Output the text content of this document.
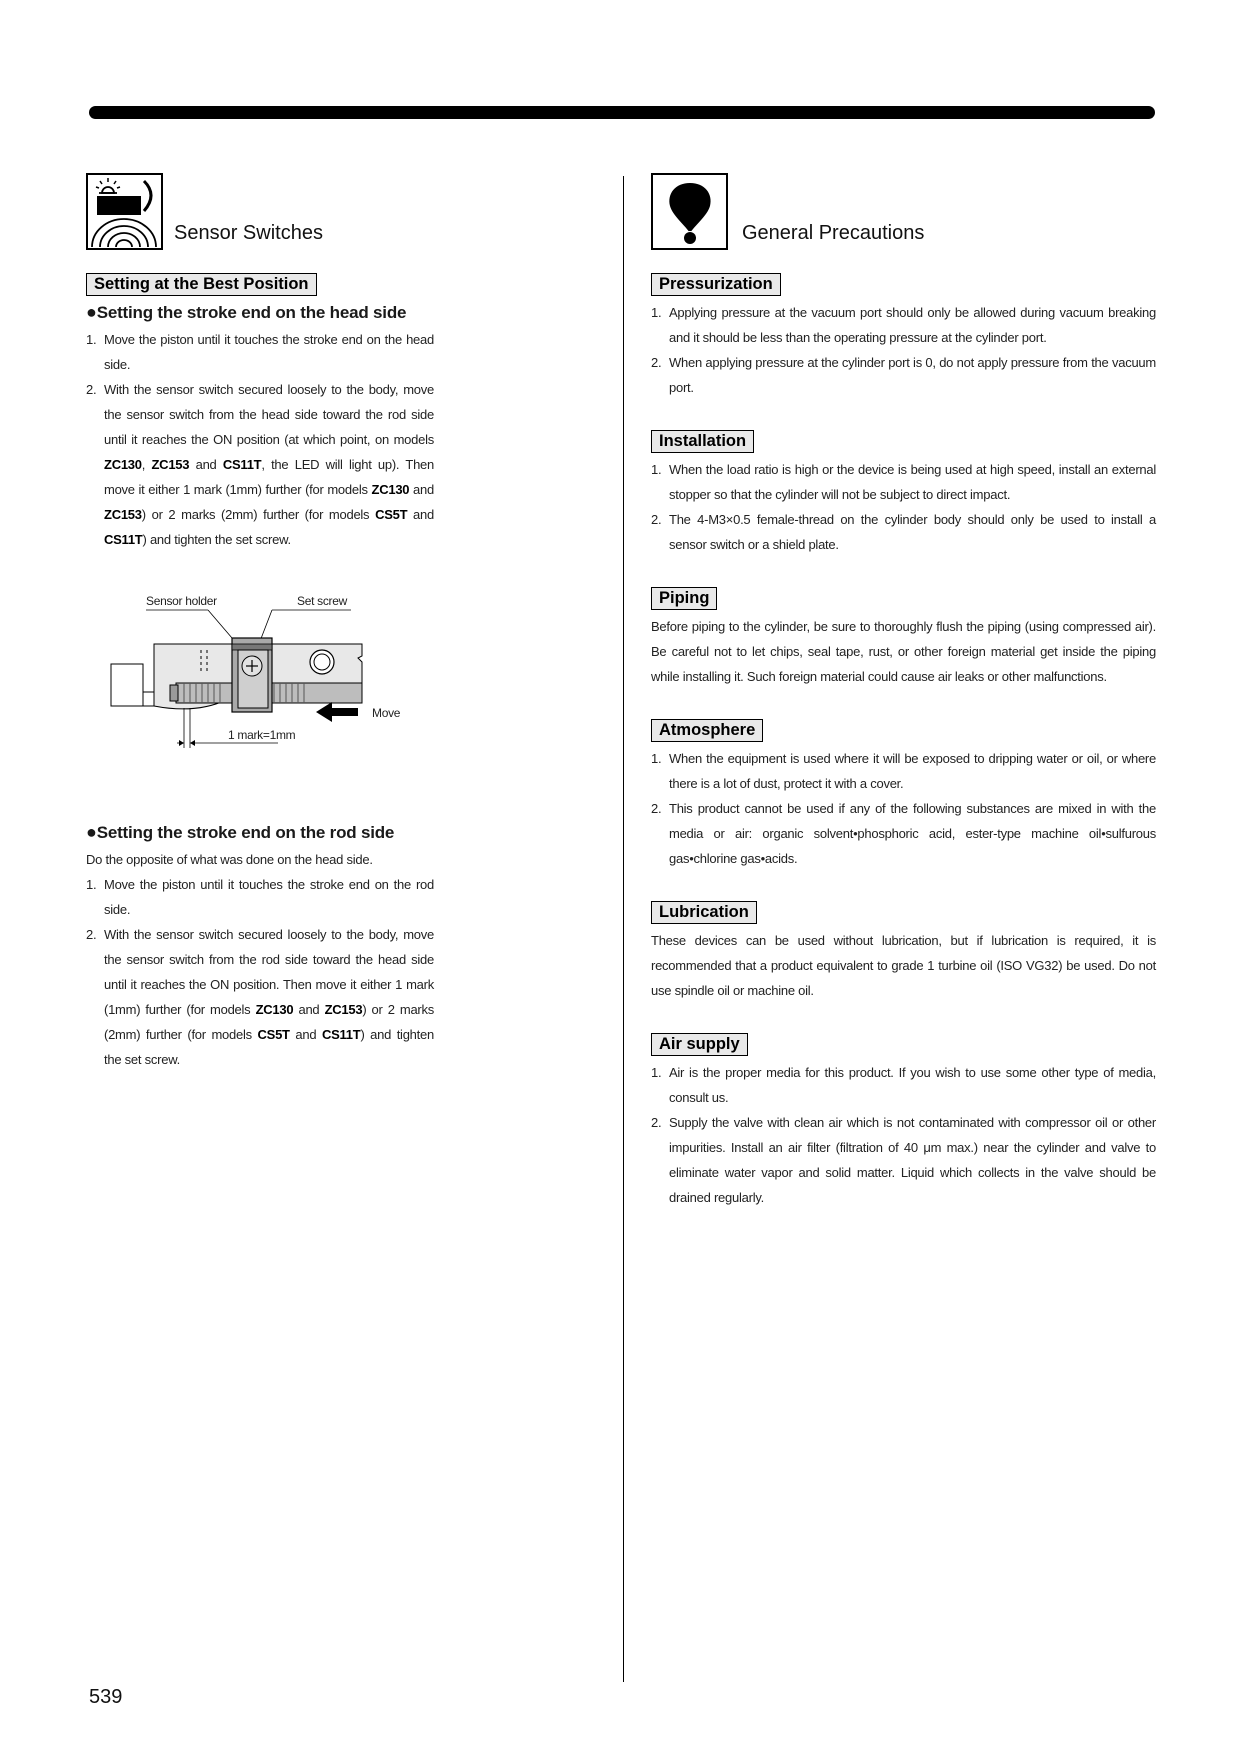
Sensor Switches
Setting at the Best Position
●Setting the stroke end on the head side
1. Move the piston until it touches the stroke end on the head side.
2. With the sensor switch secured loosely to the body, move the sensor switch from the head side toward the rod side until it reaches the ON position (at which point, on models ZC130, ZC153 and CS11T, the LED will light up). Then move it either 1 mark (1mm) further (for models ZC130 and ZC153) or 2 marks (2mm) further (for models CS5T and CS11T) and tighten the set screw.
Sensor holder	Set screw
Move
1 mark=1mm
●Setting the stroke end on the rod side

Do the opposite of what was done on the head side.

1. Move the piston until it touches the stroke end on the rod side.
2. With the sensor switch secured loosely to the body, move the sensor switch from the rod side toward the head side until it reaches the ON position. Then move it either 1 mark (1mm) further (for models ZC130 and ZC153) or 2 marks (2mm) further (for models CS5T and CS11T) and tighten the set screw.
General Precautions
Pressurization
1. Applying pressure at the vacuum port should only be allowed during vacuum breaking and it should be less than the operating pressure at the cylinder port.
2. When applying pressure at the cylinder port is 0, do not apply pressure from the vacuum port.
Installation
1. When the load ratio is high or the device is being used at high speed, install an external stopper so that the cylinder will not be subject to direct impact.
2. The 4-M3×0.5 female-thread on the cylinder body should only be used to install a sensor switch or a shield plate.
Piping

Before piping to the cylinder, be sure to thoroughly flush the piping (using compressed air). Be careful not to let chips, seal tape, rust, or other foreign material get inside the piping while installing it. Such foreign material could cause air leaks or other malfunctions.

Atmosphere
1. When the equipment is used where it will be exposed to dripping water or oil, or where there is a lot of dust, protect it with a cover.
2. This product cannot be used if any of the following substances are mixed in with the media or air: organic solvent•phosphoric acid, ester-type machine oil•sulfurous gas•chlorine gas•acids.
Lubrication

These devices can be used without lubrication, but if lubrication is required, it is recommended that a product equivalent to grade 1 turbine oil (ISO VG32) be used. Do not use spindle oil or machine oil.

Air supply
1. Air is the proper media for this product. If you wish to use some other type of media, consult us.
2. Supply the valve with clean air which is not contaminated with compressor oil or other impurities. Install an air filter (filtration of 40 μm max.) near the cylinder and valve to eliminate water vapor and solid matter. Liquid which collects in the valve should be drained regularly.
539
